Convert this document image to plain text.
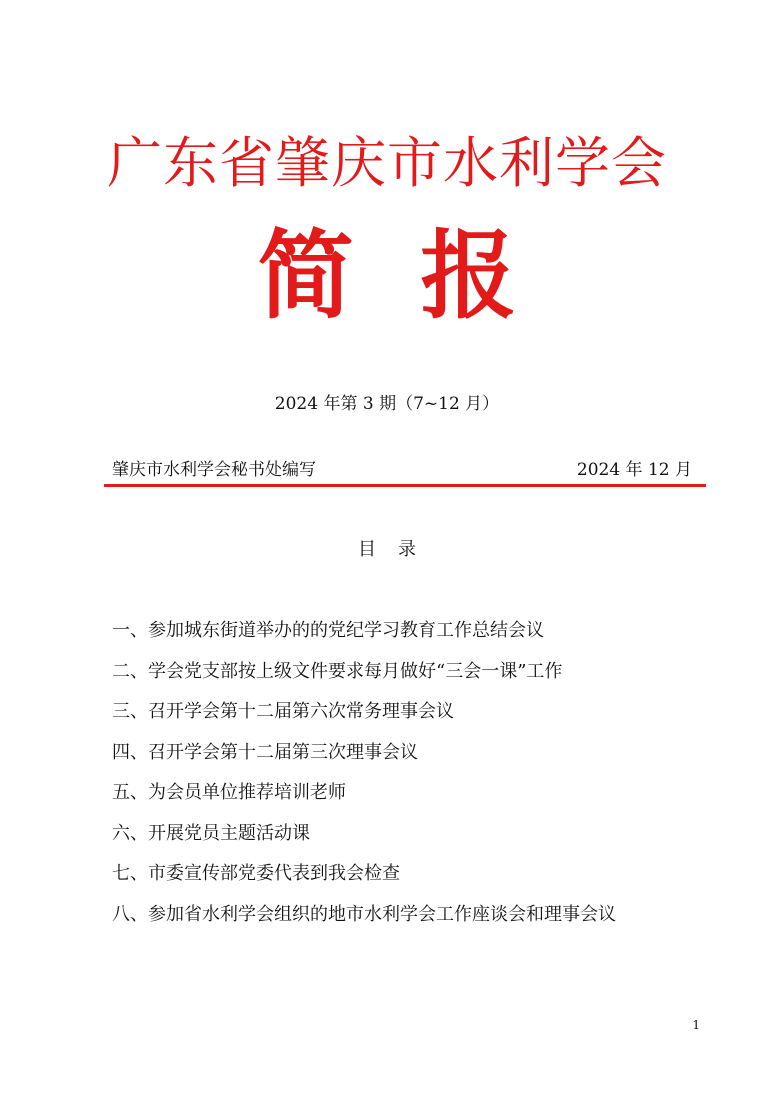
广东省肇庆市水利学会
简  报
2024 年第 3 期（7~12 月）
肇庆市水利学会秘书处编写	2024 年 12 月
目录
一、参加城东街道举办的的党纪学习教育工作总结会议
二、学会党支部按上级文件要求每月做好“三会一课”工作
三、召开学会第十二届第六次常务理事会议
四、召开学会第十二届第三次理事会议
五、为会员单位推荐培训老师
六、开展党员主题活动课
七、市委宣传部党委代表到我会检查
八、参加省水利学会组织的地市水利学会工作座谈会和理事会议
1
